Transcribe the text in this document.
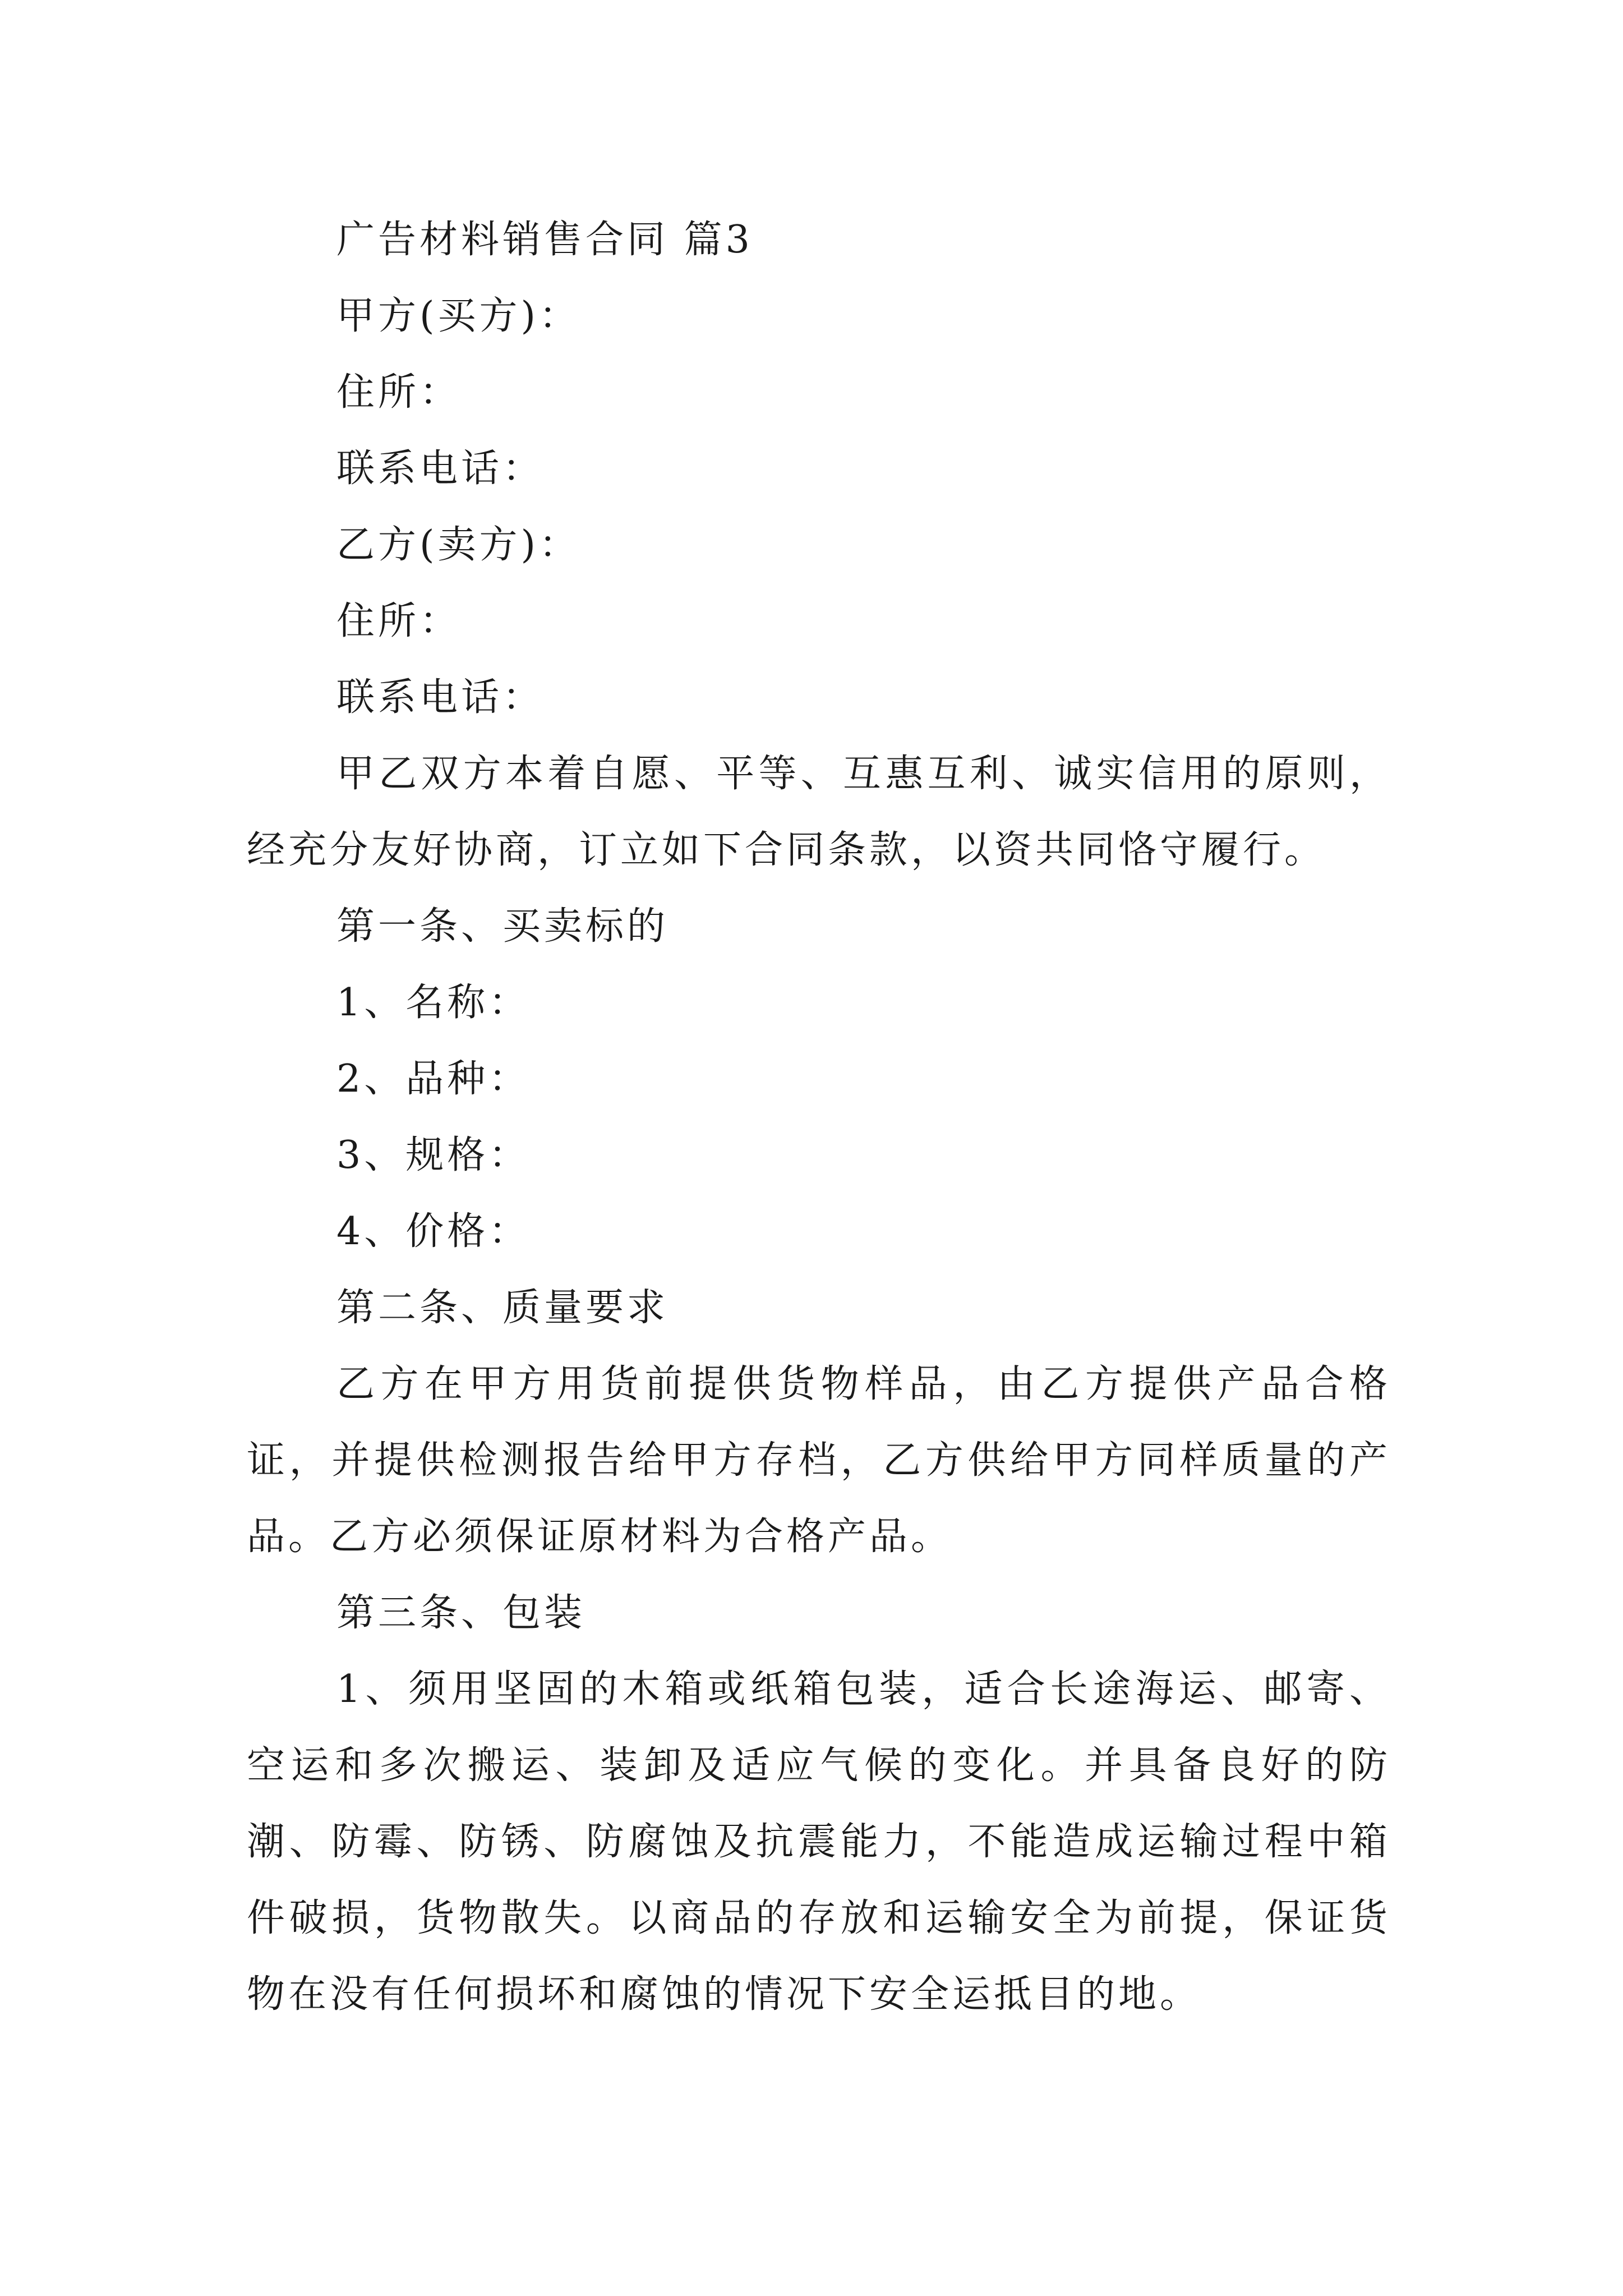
广告材料销售合同 篇3

甲方(买方)：

住所：

联系电话：

乙方(卖方)：

住所：

联系电话：

甲乙双方本着自愿、平等、互惠互利、诚实信用的原则，经充分友好协商，订立如下合同条款，以资共同恪守履行。

第一条、买卖标的

1、名称：

2、品种：

3、规格：

4、价格：

第二条、质量要求

乙方在甲方用货前提供货物样品，由乙方提供产品合格证，并提供检测报告给甲方存档，乙方供给甲方同样质量的产品。乙方必须保证原材料为合格产品。

第三条、包装

1、须用坚固的木箱或纸箱包装，适合长途海运、邮寄、空运和多次搬运、装卸及适应气候的变化。并具备良好的防潮、防霉、防锈、防腐蚀及抗震能力，不能造成运输过程中箱件破损，货物散失。以商品的存放和运输安全为前提，保证货物在没有任何损坏和腐蚀的情况下安全运抵目的地。
